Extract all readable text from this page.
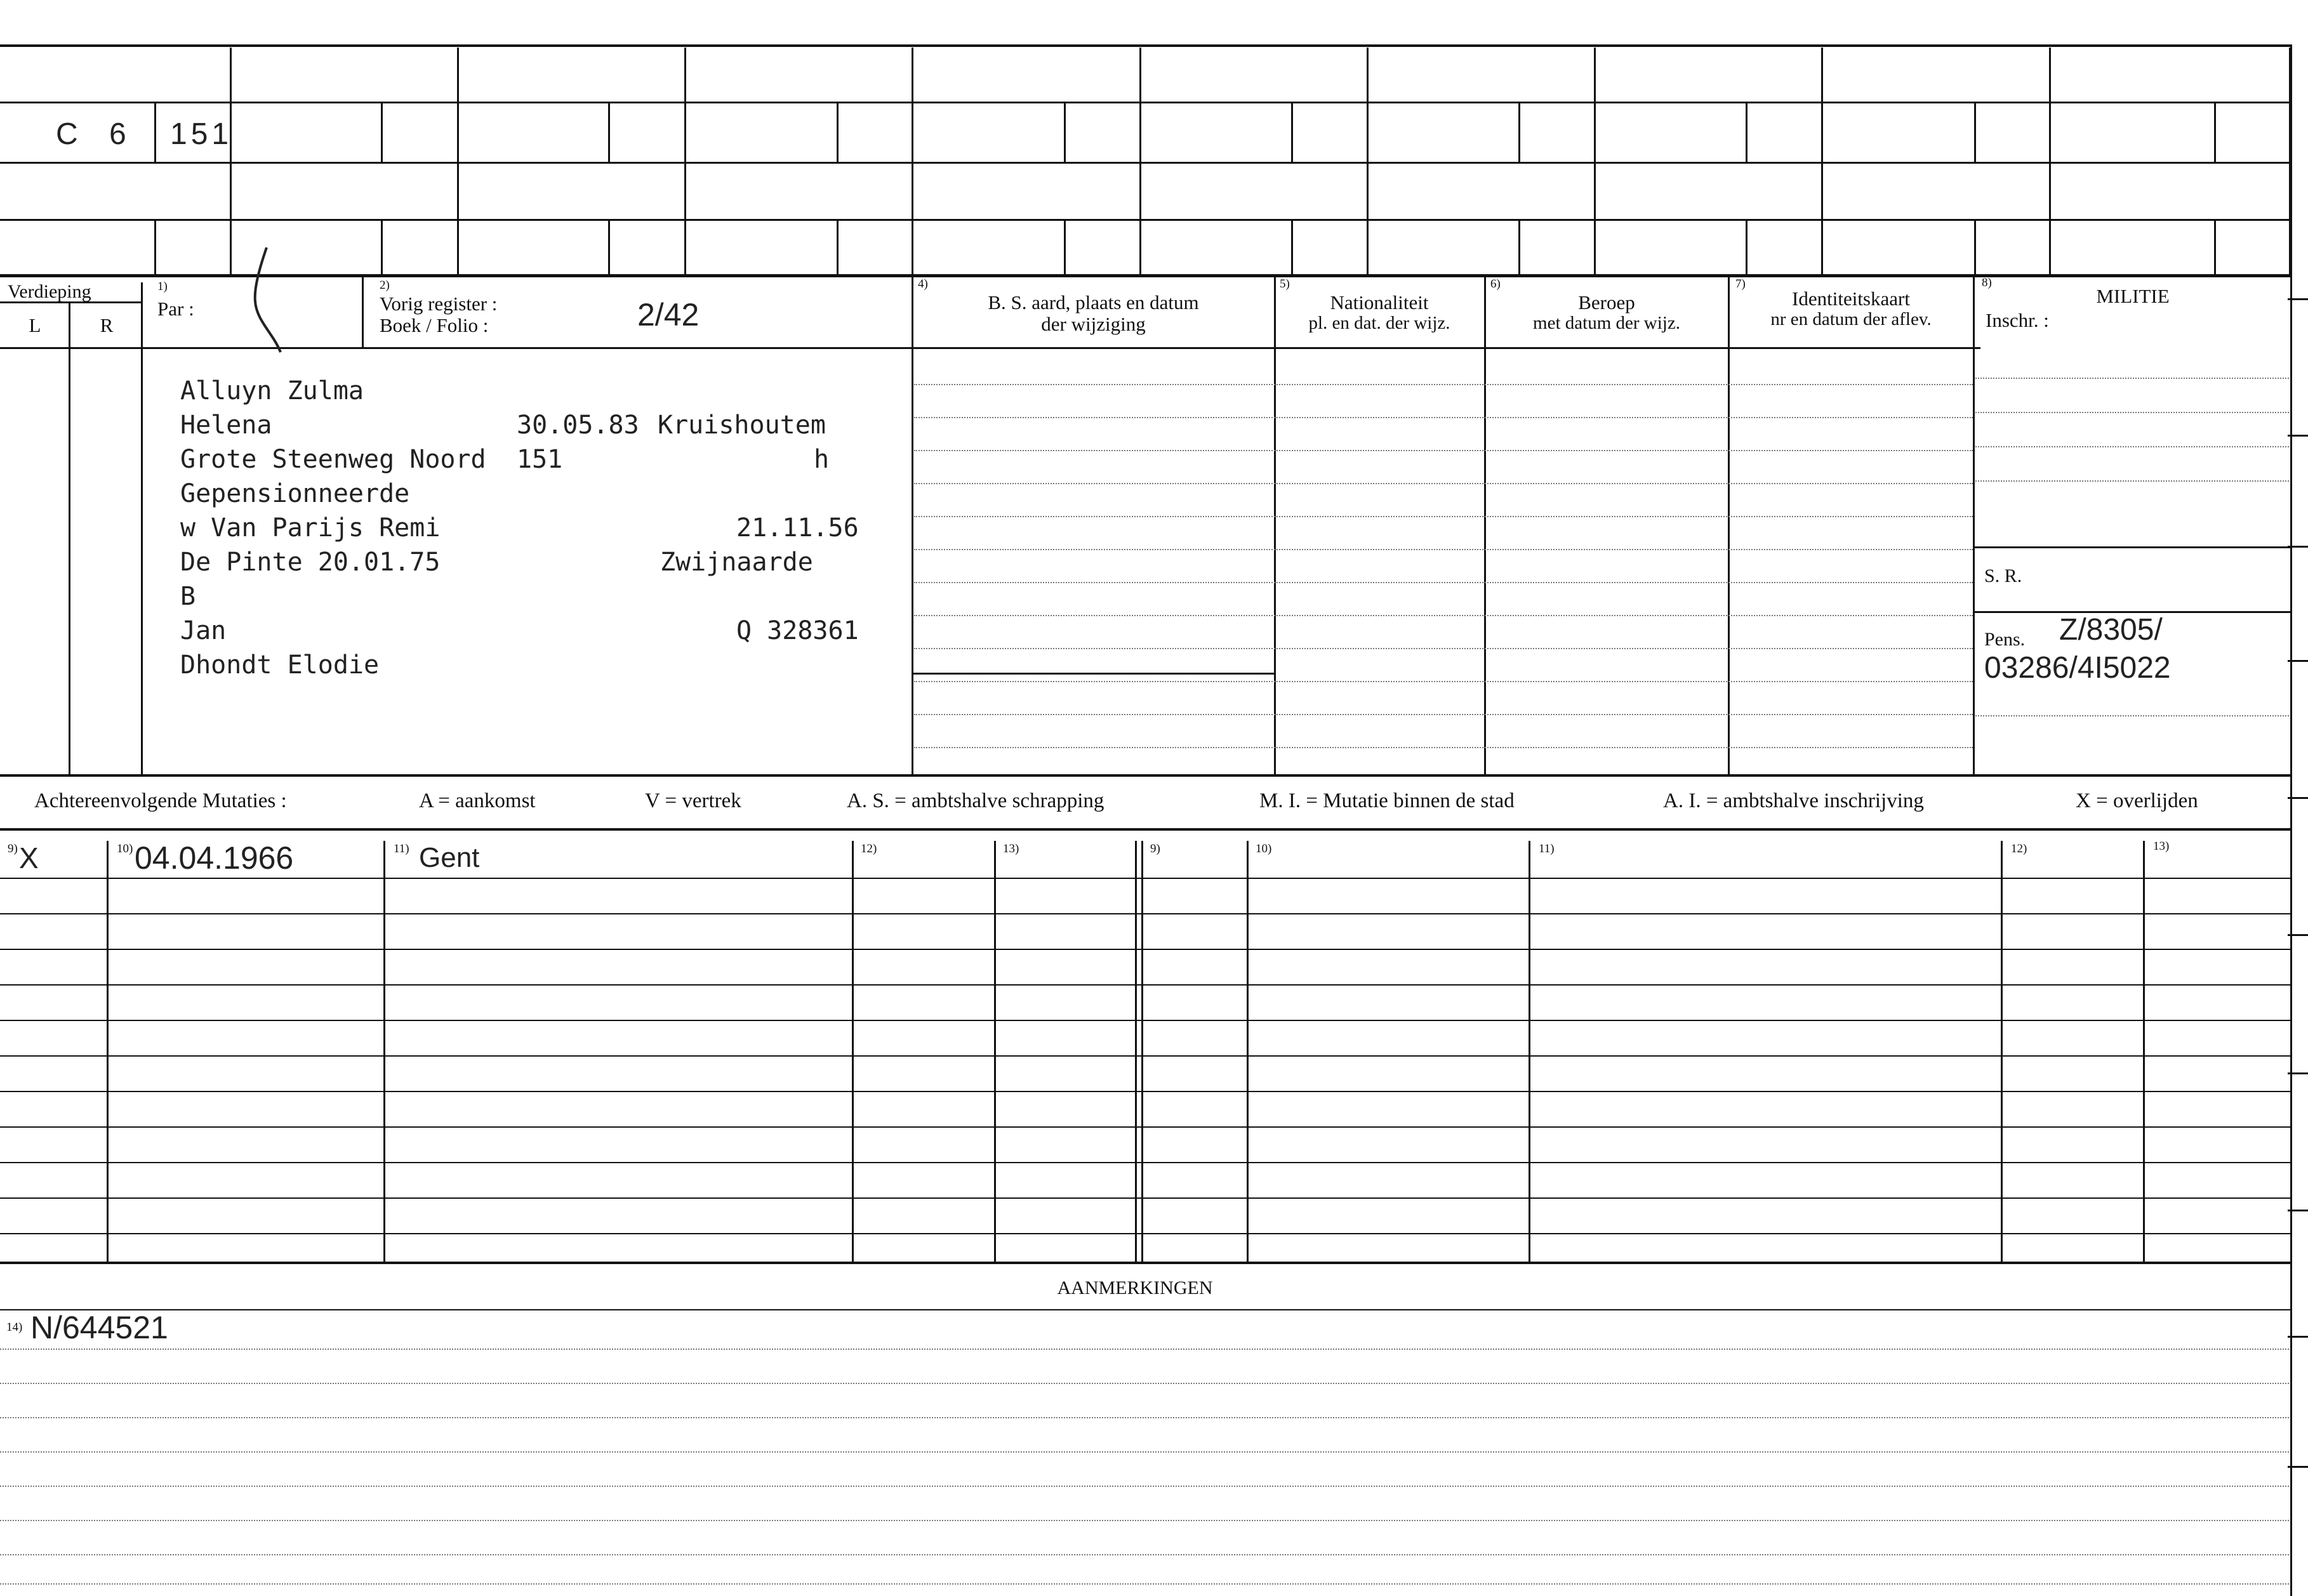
C 6 151
Verdieping
L	R
1)
Par :
2)
Vorig register :
Boek / Folio :	2/42
4)
B. S. aard, plaats en datum
der wijziging
5)
Nationaliteit
pl. en dat. der wijz.
6)
Beroep
met datum der wijz.
7)
Identiteitskaart
nr en datum der aflev.
8)
MILITIE
Inschr. :
Alluyn Zulma
Helena	30.05.83 Kruishoutem
Grote Steenweg Noord 151	h
Gepensionneerde
w Van Parijs Remi	21.11.56
De Pinte 20.01.75	Zwijnaarde
B
Jan	Q 328361
Dhondt Elodie
S. R.
Pens. Z/8305/
03286/4I5022
Achtereenvolgende Mutaties :	A = aankomst	V = vertrek	A. S. = ambtshalve schrapping	M. I. = Mutatie binnen de stad	A. I. = ambtshalve inschrijving	X = overlijden
9)	10)	11)	12)	13)	9)	10)	11)	12)	13)
X	04.04.1966	Gent
AANMERKINGEN
14) N/644521
